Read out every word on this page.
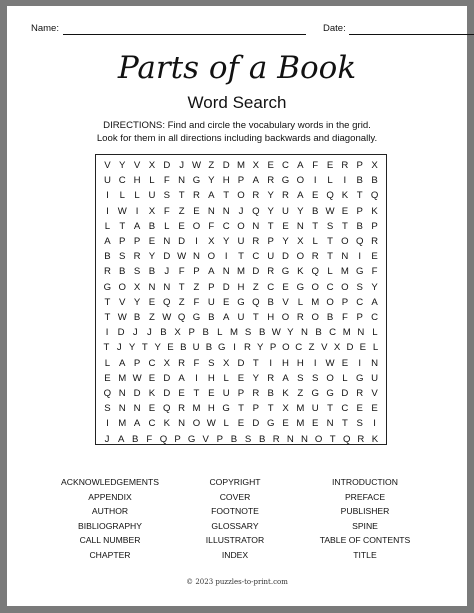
Name:	Date:
Parts of a Book
Word Search
DIRECTIONS: Find and circle the vocabulary words in the grid.
Look for them in all directions including backwards and diagonally.
V Y V X D J W Z D M X E C A F E R P X
U C H L F N G Y H P A R G O	I	L	I	B B
I	L L U S T R A T O R Y R A E Q K T Q
I W I	X F Z E N N J Q Y U Y B W E P K
L T A B L E O F C O N T E N T S T B P
A P P E N D	I	X Y U R P Y X L T O Q R
B S R Y D W N O	I	T C U D O R T N	I	E
R B S B J F P A N M D R G K Q L M G F
G O X N N T Z P D H Z C E G O C O S Y
T V Y E Q Z F U E G Q B V L M O P C A
T W B Z W Q G B A U T H O R O B F P C
I D J J B X P B L M S B W Y N B C M N L
T J Y T Y E B U B G I R Y P O C Z V X D E L
L A P C X R F S X D T	I	H H	I W E	I	N
E M W E D A	I	H L E Y R A S S O L G U
Q N D K D E T E U P R B K Z G G D R V
S N N E Q R M H G T P T X M U T C E E
I M A C K N O W L E D G E M E N T S	I
J A B F Q P G V P B S B R N N O T Q R K
ACKNOWLEDGEMENTS
APPENDIX
AUTHOR
BIBLIOGRAPHY
CALL NUMBER
CHAPTER
COPYRIGHT
COVER
FOOTNOTE
GLOSSARY
ILLUSTRATOR
INDEX
INTRODUCTION
PREFACE
PUBLISHER
SPINE
TABLE OF CONTENTS
TITLE
© 2023 puzzles-to-print.com
